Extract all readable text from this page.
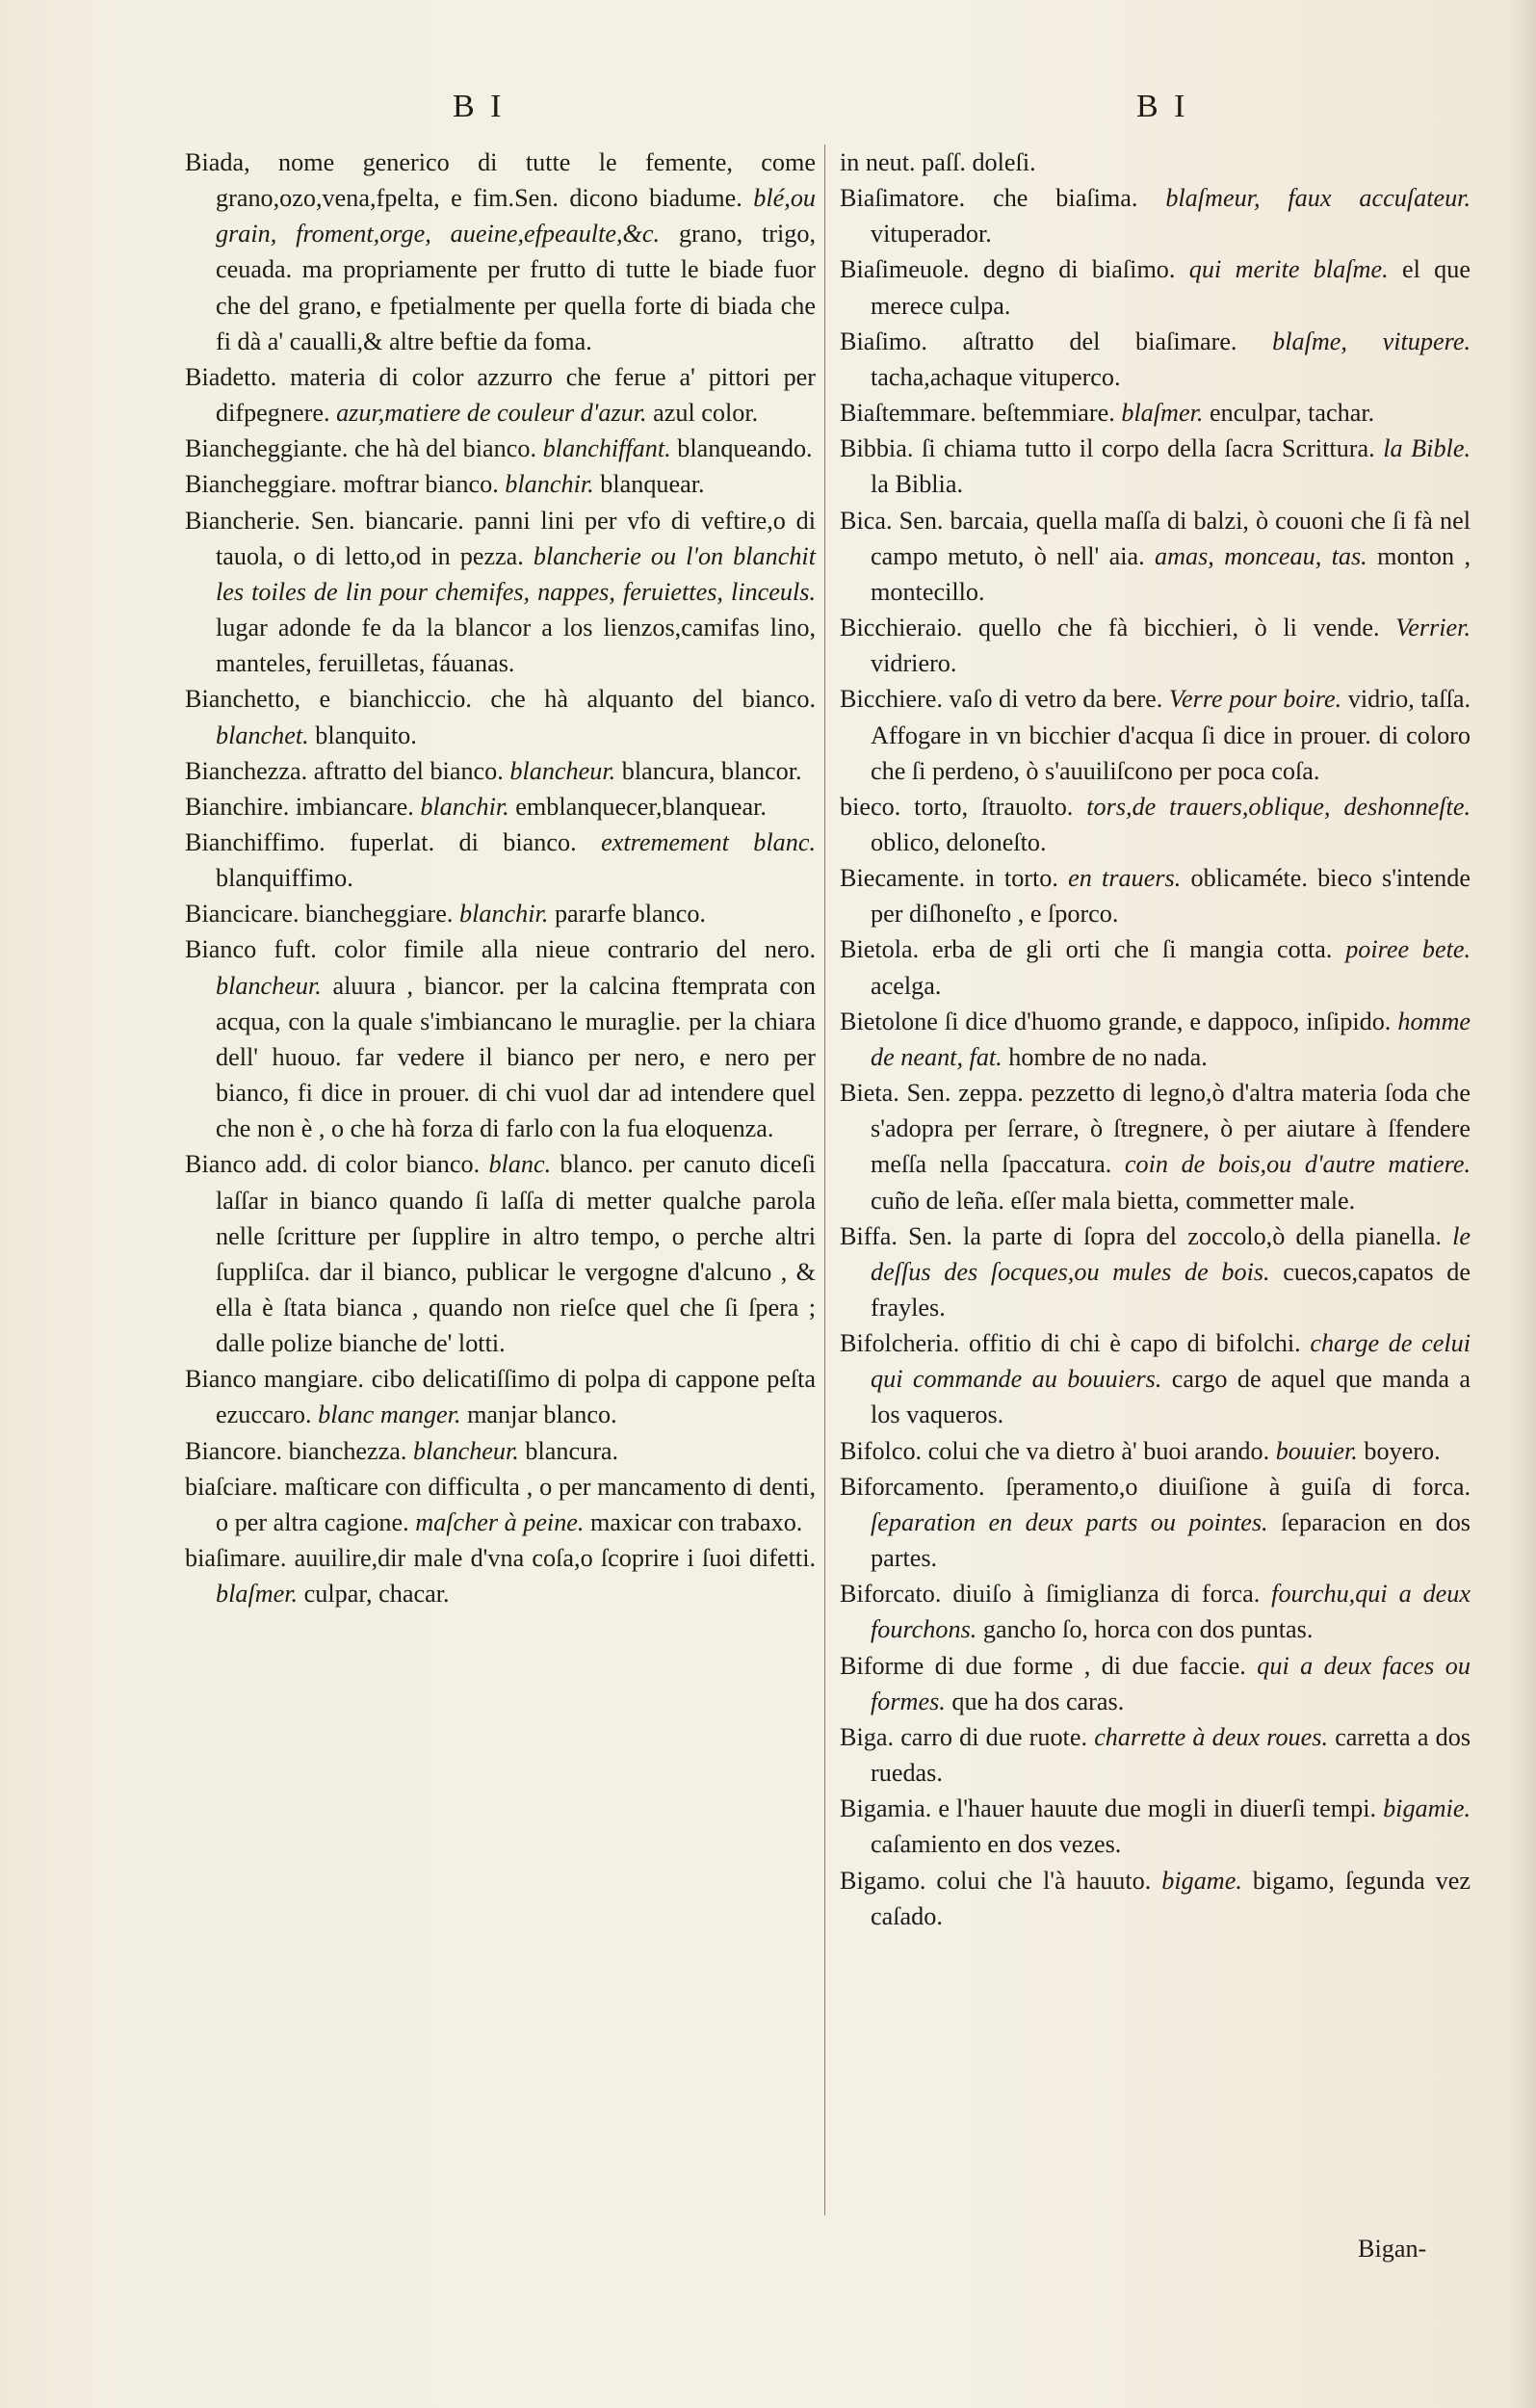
B I	B I

Biada, nome generico di tutte le femente, come grano,ozo,vena,fpelta, e fim.Sen. dicono biadume. blé,ou grain, froment,orge, aueine,efpeaulte,&c. grano, trigo, ceuada. ma propriamente per frutto di tutte le biade fuor che del grano, e fpetialmente per quella forte di biada che fi dà a' caualli,& altre beftie da foma.

Biadetto. materia di color azzurro che ferue a' pittori per difpegnere. azur,matiere de couleur d'azur. azul color.

Biancheggiante. che hà del bianco. blanchiffant. blanqueando.

Biancheggiare. moftrar bianco. blanchir. blanquear.

Biancherie. Sen. biancarie. panni lini per vfo di veftire,o di tauola, o di letto,od in pezza. blancherie ou l'on blanchit les toiles de lin pour chemifes, nappes, feruiettes, linceuls. lugar adonde fe da la blancor a los lienzos,camifas lino, manteles, feruilletas, fáuanas.

Bianchetto, e bianchiccio. che hà alquanto del bianco. blanchet. blanquito.

Bianchezza. aftratto del bianco. blancheur. blancura, blancor.

Bianchire. imbiancare. blanchir. emblanquecer,blanquear.

Bianchiffimo. fuperlat. di bianco. extremement blanc. blanquiffimo.

Biancicare. biancheggiare. blanchir. pararfe blanco.

Bianco fuft. color fimile alla nieue contrario del nero. blancheur. aluura , biancor. per la calcina ftemprata con acqua, con la quale s'imbiancano le muraglie. per la chiara dell' huouo. far vedere il bianco per nero, e nero per bianco, fi dice in prouer. di chi vuol dar ad intendere quel che non è , o che hà forza di farlo con la fua eloquenza.

Bianco add. di color bianco. blanc. blanco. per canuto diceſi laſſar in bianco quando ſi laſſa di metter qualche parola nelle ſcritture per ſupplire in altro tempo, o perche altri ſuppliſca. dar il bianco, publicar le vergogne d'alcuno , & ella è ſtata bianca , quando non rieſce quel che ſi ſpera ; dalle polize bianche de' lotti.

Bianco mangiare. cibo delicatiſſimo di polpa di cappone peſta ezuccaro. blanc manger. manjar blanco.

Biancore. bianchezza. blancheur. blancura.

biaſciare. maſticare con difficulta , o per mancamento di denti, o per altra cagione. maſcher à peine. maxicar con trabaxo.

biaſimare. auuilire,dir male d'vna coſa,o ſcoprire i ſuoi difetti. blaſmer. culpar, chacar.

in neut. paſſ. doleſi.

Biaſimatore. che biaſima. blaſmeur, faux accuſateur. vituperador.

Biaſimeuole. degno di biaſimo. qui merite blaſme. el que merece culpa.

Biaſimo. aſtratto del biaſimare. blaſme, vitupere. tacha,achaque vituperco.

Biaſtemmare. beſtemmiare. blaſmer. enculpar, tachar.

Bibbia. ſi chiama tutto il corpo della ſacra Scrittura. la Bible. la Biblia.

Bica. Sen. barcaia, quella maſſa di balzi, ò couoni che ſi fà nel campo metuto, ò nell' aia. amas, monceau, tas. monton , montecillo.

Bicchieraio. quello che fà bicchieri, ò li vende. Verrier. vidriero.

Bicchiere. vaſo di vetro da bere. Verre pour boire. vidrio, taſſa. Affogare in vn bicchier d'acqua ſi dice in prouer. di coloro che ſi perdeno, ò s'auuiliſcono per poca coſa.

bieco. torto, ſtrauolto. tors,de trauers,oblique, deshonneſte. oblico, deloneſto.

Biecamente. in torto. en trauers. oblicaméte. bieco s'intende per diſhoneſto , e ſporco.

Bietola. erba de gli orti che ſi mangia cotta. poiree bete. acelga.

Bietolone ſi dice d'huomo grande, e dappoco, inſipido. homme de neant, fat. hombre de no nada.

Bieta. Sen. zeppa. pezzetto di legno,ò d'altra materia ſoda che s'adopra per ſerrare, ò ſtregnere, ò per aiutare à ſfendere meſſa nella ſpaccatura. coin de bois,ou d'autre matiere. cuño de leña. eſſer mala bietta, commetter male.

Biffa. Sen. la parte di ſopra del zoccolo,ò della pianella. le deſſus des ſocques,ou mules de bois. cuecos,capatos de frayles.

Bifolcheria. offitio di chi è capo di bifolchi. charge de celui qui commande au bouuiers. cargo de aquel que manda a los vaqueros.

Bifolco. colui che va dietro à' buoi arando. bouuier. boyero.

Biforcamento. ſperamento,o diuiſione à guiſa di forca. ſeparation en deux parts ou pointes. ſeparacion en dos partes.

Biforcato. diuiſo à ſimiglianza di forca. fourchu,qui a deux fourchons. gancho ſo, horca con dos puntas.

Biforme di due forme , di due faccie. qui a deux faces ou formes. que ha dos caras.

Biga. carro di due ruote. charrette à deux roues. carretta a dos ruedas.

Bigamia. e l'hauer hauute due mogli in diuerſi tempi. bigamie. caſamiento en dos vezes.

Bigamo. colui che l'à hauuto. bigame. bigamo, ſegunda vez caſado.

Bigan-
